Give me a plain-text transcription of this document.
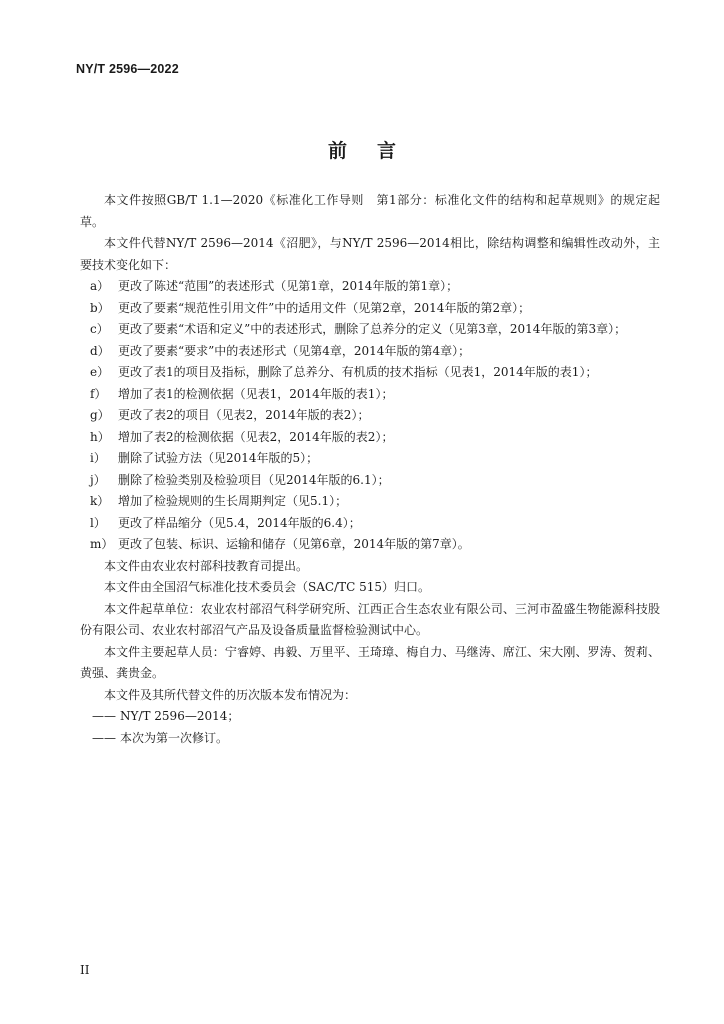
NY/T 2596—2022
前言

本文件按照GB/T 1.1—2020《标准化工作导则　第1部分：标准化文件的结构和起草规则》的规定起草。

本文件代替NY/T 2596—2014《沼肥》，与NY/T 2596—2014相比，除结构调整和编辑性改动外，主要技术变化如下：

a） 更改了陈述“范围”的表述形式（见第1章，2014年版的第1章）；
b） 更改了要素“规范性引用文件”中的适用文件（见第2章，2014年版的第2章）；
c） 更改了要素“术语和定义”中的表述形式，删除了总养分的定义（见第3章，2014年版的第3章）；
d） 更改了要素“要求”中的表述形式（见第4章，2014年版的第4章）；
e） 更改了表1的项目及指标，删除了总养分、有机质的技术指标（见表1，2014年版的表1）；
f） 增加了表1的检测依据（见表1，2014年版的表1）；
g） 更改了表2的项目（见表2，2014年版的表2）；
h） 增加了表2的检测依据（见表2，2014年版的表2）；
i） 删除了试验方法（见2014年版的5）；
j） 删除了检验类别及检验项目（见2014年版的6.1）；
k） 增加了检验规则的生长周期判定（见5.1）；
l） 更改了样品缩分（见5.4，2014年版的6.4）；
m） 更改了包装、标识、运输和储存（见第6章，2014年版的第7章）。

本文件由农业农村部科技教育司提出。

本文件由全国沼气标准化技术委员会（SAC/TC 515）归口。

本文件起草单位：农业农村部沼气科学研究所、江西正合生态农业有限公司、三河市盈盛生物能源科技股份有限公司、农业农村部沼气产品及设备质量监督检验测试中心。

本文件主要起草人员：宁睿婷、冉毅、万里平、王琦璋、梅自力、马继涛、席江、宋大刚、罗涛、贺莉、黄强、龚贵金。

本文件及其所代替文件的历次版本发布情况为：

—— NY/T 2596—2014；

—— 本次为第一次修订。

II
